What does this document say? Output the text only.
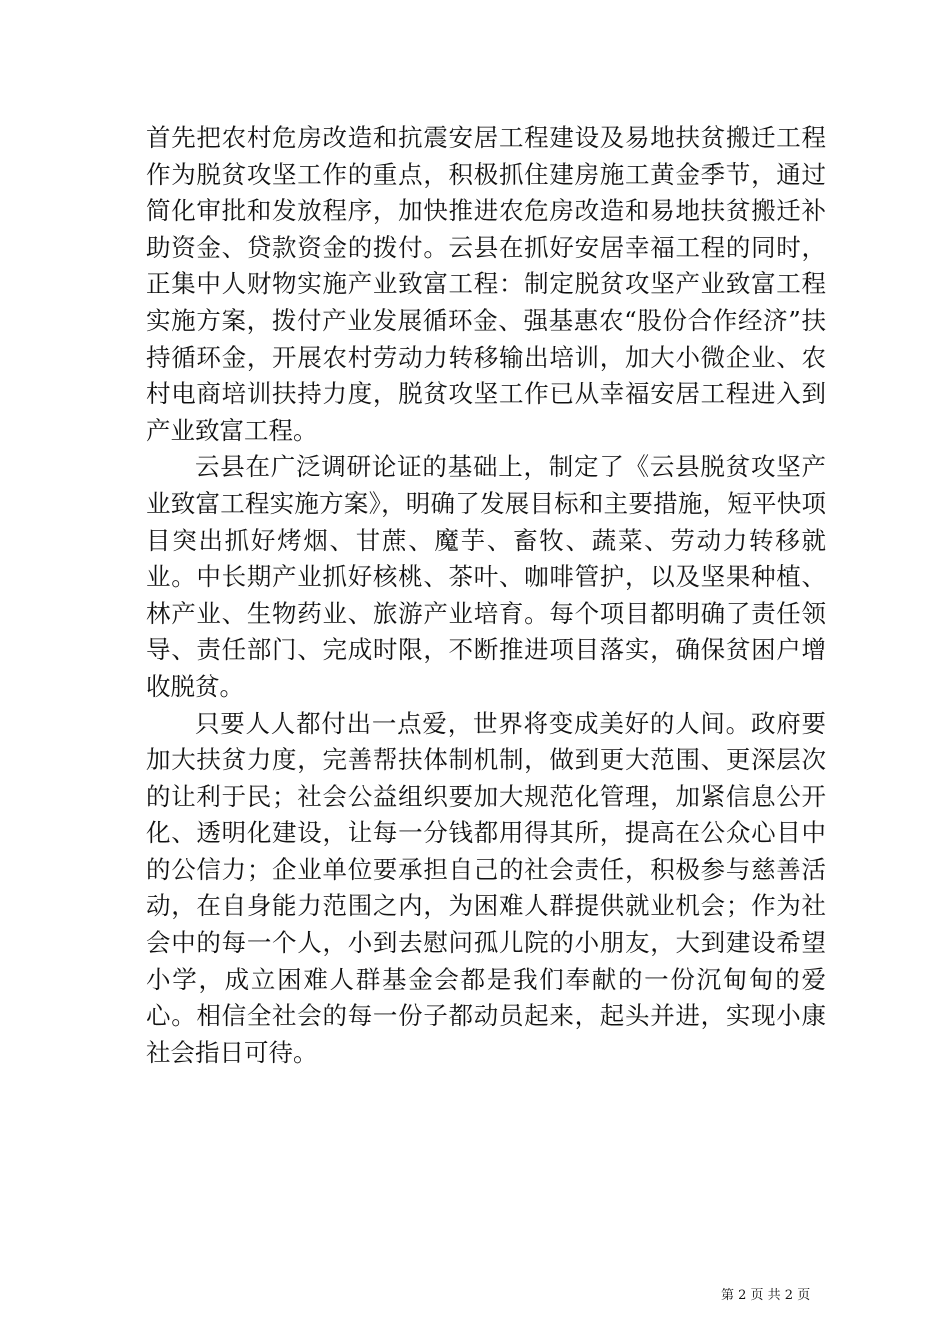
首先把农村危房改造和抗震安居工程建设及易地扶贫搬迁工程作为脱贫攻坚工作的重点，积极抓住建房施工黄金季节，通过简化审批和发放程序，加快推进农危房改造和易地扶贫搬迁补助资金、贷款资金的拨付。云县在抓好安居幸福工程的同时，正集中人财物实施产业致富工程：制定脱贫攻坚产业致富工程实施方案，拨付产业发展循环金、强基惠农“股份合作经济”扶持循环金，开展农村劳动力转移输出培训，加大小微企业、农村电商培训扶持力度，脱贫攻坚工作已从幸福安居工程进入到产业致富工程。

云县在广泛调研论证的基础上，制定了《云县脱贫攻坚产业致富工程实施方案》，明确了发展目标和主要措施，短平快项目突出抓好烤烟、甘蔗、魔芋、畜牧、蔬菜、劳动力转移就业。中长期产业抓好核桃、茶叶、咖啡管护，以及坚果种植、林产业、生物药业、旅游产业培育。每个项目都明确了责任领导、责任部门、完成时限，不断推进项目落实，确保贫困户增收脱贫。

只要人人都付出一点爱，世界将变成美好的人间。政府要加大扶贫力度，完善帮扶体制机制，做到更大范围、更深层次的让利于民；社会公益组织要加大规范化管理，加紧信息公开化、透明化建设，让每一分钱都用得其所，提高在公众心目中的公信力；企业单位要承担自己的社会责任，积极参与慈善活动，在自身能力范围之内，为困难人群提供就业机会；作为社会中的每一个人，小到去慰问孤儿院的小朋友，大到建设希望小学，成立困难人群基金会都是我们奉献的一份沉甸甸的爱心。相信全社会的每一份子都动员起来，起头并进，实现小康社会指日可待。

第 2 页 共 2 页
